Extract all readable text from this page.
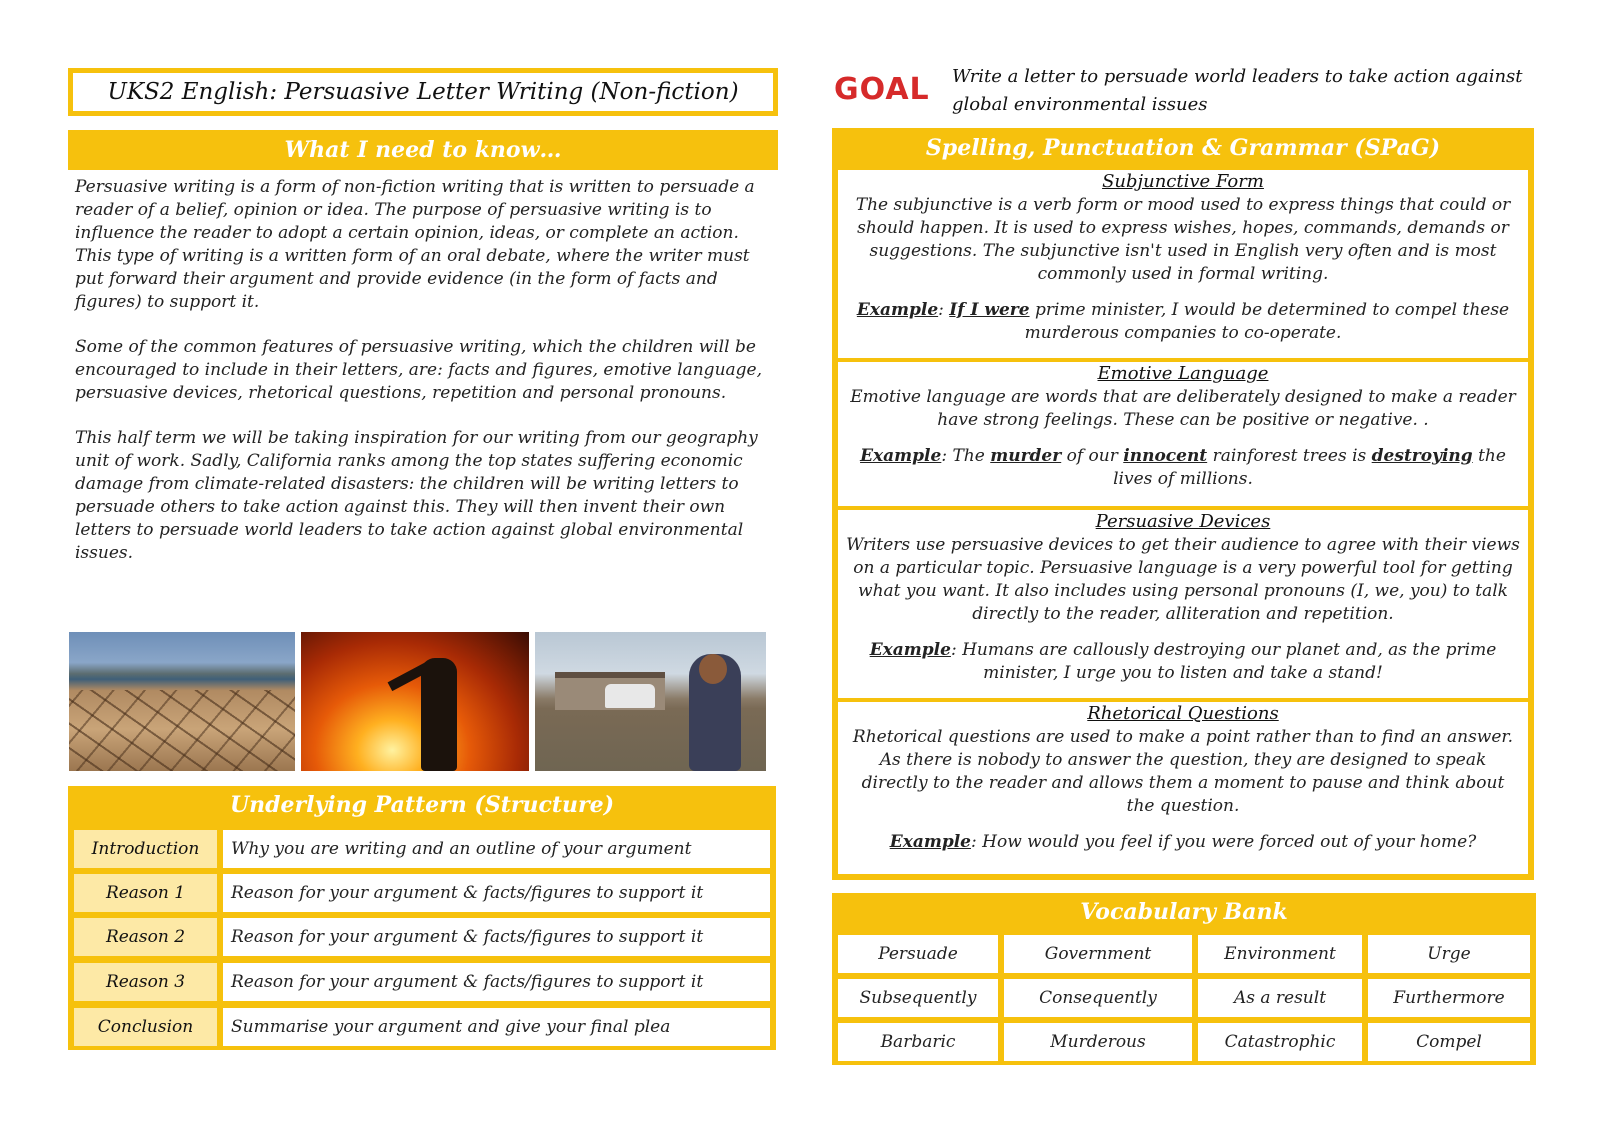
UKS2 English: Persuasive Letter Writing (Non-fiction)
What I need to know…

Persuasive writing is a form of non-fiction writing that is written to persuade a reader of a belief, opinion or idea. The purpose of persuasive writing is to influence the reader to adopt a certain opinion, ideas, or complete an action. This type of writing is a written form of an oral debate, where the writer must put forward their argument and provide evidence (in the form of facts and figures) to support it.

Some of the common features of persuasive writing, which the children will be encouraged to include in their letters, are: facts and figures, emotive language, persuasive devices, rhetorical questions, repetition and personal pronouns.

This half term we will be taking inspiration for our writing from our geography unit of work. Sadly, California ranks among the top states suffering economic damage from climate-related disasters: the children will be writing letters to persuade others to take action against this. They will then invent their own letters to persuade world leaders to take action against global environmental issues.

Underlying Pattern (Structure)
Introduction	Why you are writing and an outline of your argument
Reason 1	Reason for your argument & facts/figures to support it
Reason 2	Reason for your argument & facts/figures to support it
Reason 3	Reason for your argument & facts/figures to support it
Conclusion	Summarise your argument and give your final plea
GOAL Write a letter to persuade world leaders to take action against global environmental issues
Spelling, Punctuation & Grammar (SPaG)
Subjunctive Form

The subjunctive is a verb form or mood used to express things that could or should happen. It is used to express wishes, hopes, commands, demands or suggestions. The subjunctive isn't used in English very often and is most commonly used in formal writing.

Example: If I were prime minister, I would be determined to compel these murderous companies to co-operate.

Emotive Language

Emotive language are words that are deliberately designed to make a reader have strong feelings. These can be positive or negative. .

Example: The murder of our innocent rainforest trees is destroying the lives of millions.

Persuasive Devices

Writers use persuasive devices to get their audience to agree with their views on a particular topic. Persuasive language is a very powerful tool for getting what you want. It also includes using personal pronouns (I, we, you) to talk directly to the reader, alliteration and repetition.

Example: Humans are callously destroying our planet and, as the prime minister, I urge you to listen and take a stand!

Rhetorical Questions

Rhetorical questions are used to make a point rather than to find an answer. As there is nobody to answer the question, they are designed to speak directly to the reader and allows them a moment to pause and think about the question.

Example: How would you feel if you were forced out of your home?

Vocabulary Bank
Persuade	Government	Environment	Urge
Subsequently	Consequently	As a result	Furthermore
Barbaric	Murderous	Catastrophic	Compel
